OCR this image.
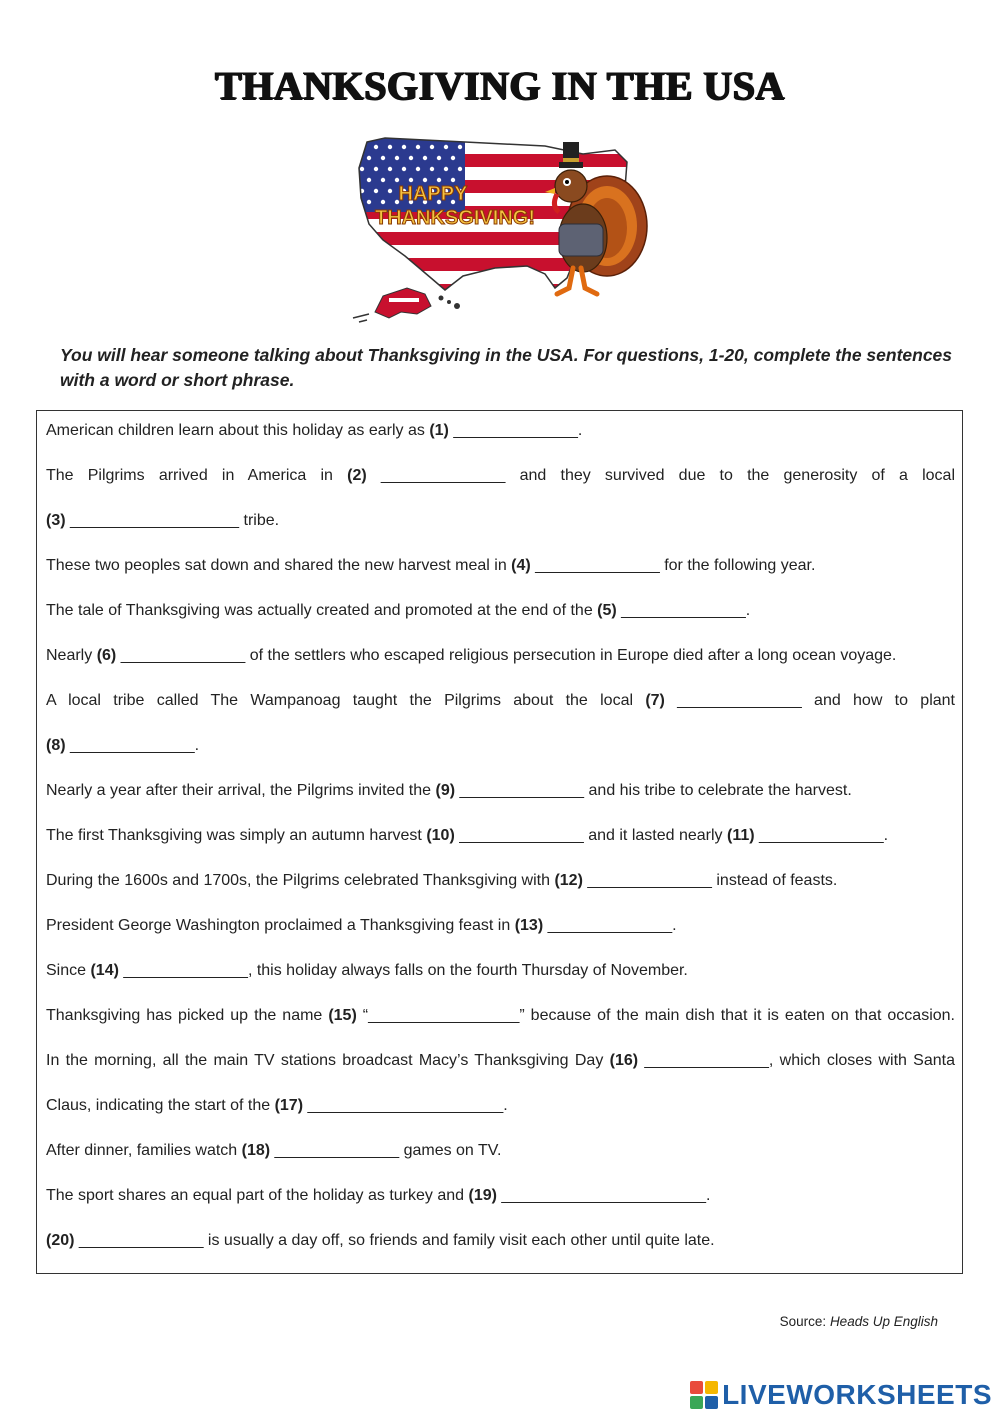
THANKSGIVING IN THE USA
HAPPY
THANKSGIVING!

You will hear someone talking about Thanksgiving in the USA. For questions, 1-20, complete the sentences with a word or short phrase.

American children learn about this holiday as early as (1) ______________.
The Pilgrims arrived in America in (2) ______________ and they survived due to the generosity of a local
(3) ___________________ tribe.
These two peoples sat down and shared the new harvest meal in (4) ______________ for the following year.
The tale of Thanksgiving was actually created and promoted at the end of the (5) ______________.
Nearly (6) ______________ of the settlers who escaped religious persecution in Europe died after a long ocean voyage.
A local tribe called The Wampanoag taught the Pilgrims about the local (7) ______________ and how to plant
(8) ______________.
Nearly a year after their arrival, the Pilgrims invited the (9) ______________ and his tribe to celebrate the harvest.
The first Thanksgiving was simply an autumn harvest (10) ______________ and it lasted nearly (11) ______________.
During the 1600s and 1700s, the Pilgrims celebrated Thanksgiving with (12) ______________ instead of feasts.
President George Washington proclaimed a Thanksgiving feast in (13) ______________.
Since (14) ______________, this holiday always falls on the fourth Thursday of November.
Thanksgiving has picked up the name (15) “_________________” because of the main dish that it is eaten on that occasion.
In the morning, all the main TV stations broadcast Macy’s Thanksgiving Day (16) ______________, which closes with Santa
Claus, indicating the start of the (17) ______________________.
After dinner, families watch (18) ______________ games on TV.
The sport shares an equal part of the holiday as turkey and (19) _______________________.
(20) ______________ is usually a day off, so friends and family visit each other until quite late.
Source: Heads Up English
LIVEWORKSHEETS
